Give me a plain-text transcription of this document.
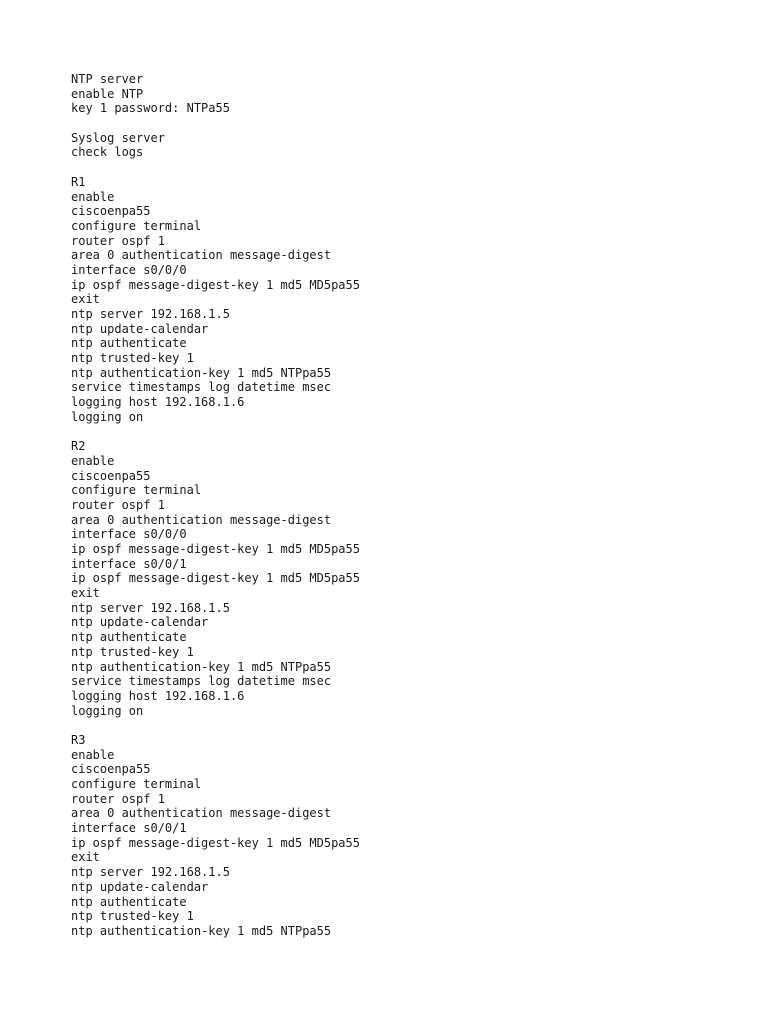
NTP server
enable NTP
key 1 password: NTPa55
Syslog server
check logs
R1
enable
ciscoenpa55
configure terminal
router ospf 1
area 0 authentication message-digest
interface s0/0/0
ip ospf message-digest-key 1 md5 MD5pa55
exit
ntp server 192.168.1.5
ntp update-calendar
ntp authenticate
ntp trusted-key 1
ntp authentication-key 1 md5 NTPpa55
service timestamps log datetime msec
logging host 192.168.1.6
logging on
R2
enable
ciscoenpa55
configure terminal
router ospf 1
area 0 authentication message-digest
interface s0/0/0
ip ospf message-digest-key 1 md5 MD5pa55
interface s0/0/1
ip ospf message-digest-key 1 md5 MD5pa55
exit
ntp server 192.168.1.5
ntp update-calendar
ntp authenticate
ntp trusted-key 1
ntp authentication-key 1 md5 NTPpa55
service timestamps log datetime msec
logging host 192.168.1.6
logging on
R3
enable
ciscoenpa55
configure terminal
router ospf 1
area 0 authentication message-digest
interface s0/0/1
ip ospf message-digest-key 1 md5 MD5pa55
exit
ntp server 192.168.1.5
ntp update-calendar
ntp authenticate
ntp trusted-key 1
ntp authentication-key 1 md5 NTPpa55
